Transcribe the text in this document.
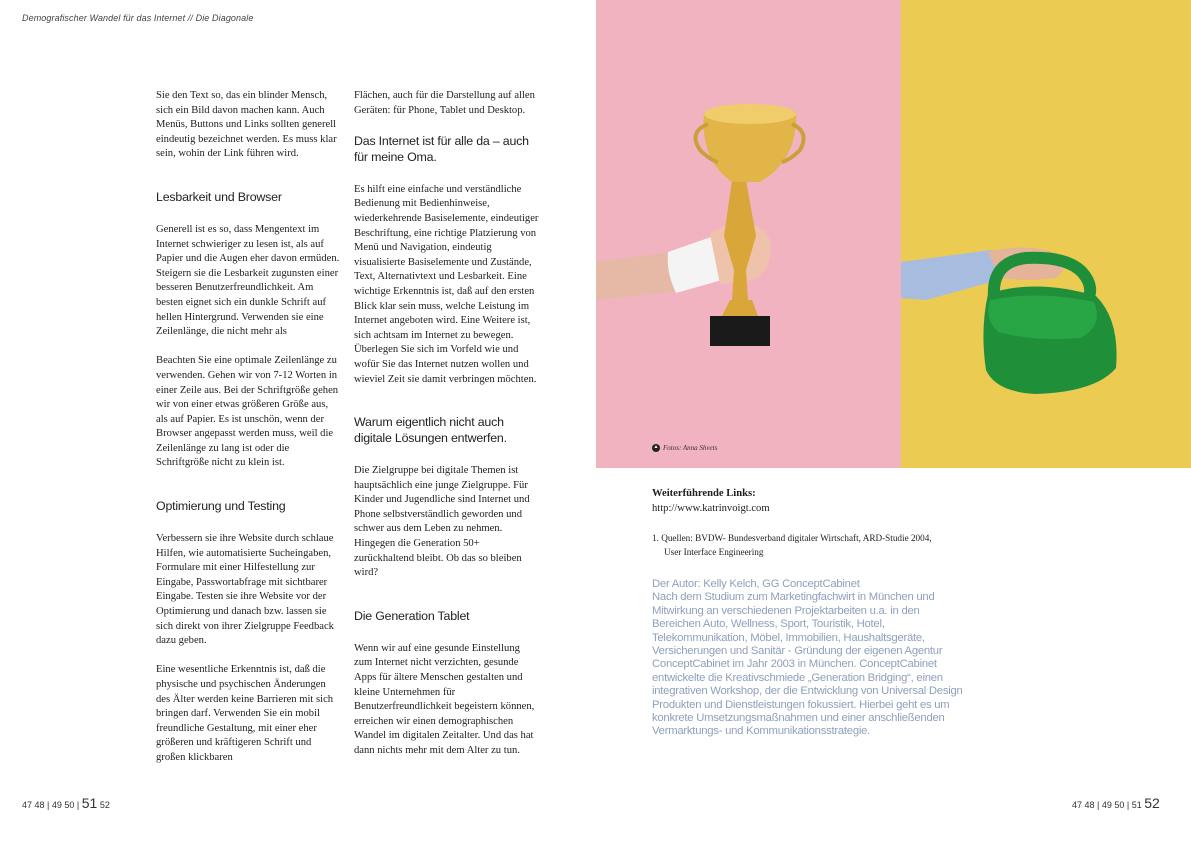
Demografischer Wandel für das Internet // Die Diagonale

Sie den Text so, das ein blinder Mensch, sich ein Bild davon machen kann. Auch Menüs, Buttons und Links sollten generell eindeutig bezeichnet werden. Es muss klar sein, wohin der Link führen wird.

Lesbarkeit und Browser

Generell ist es so, dass Mengentext im Internet schwieriger zu lesen ist, als auf Papier und die Augen eher davon ermüden. Steigern sie die Lesbarkeit zugunsten einer besseren Benutzerfreundlichkeit. Am besten eignet sich ein dunkle Schrift auf hellen Hintergrund. Verwenden sie eine Zeilenlänge, die nicht mehr als

Beachten Sie eine optimale Zeilenlänge zu verwenden. Gehen wir von 7-12 Worten in einer Zeile aus. Bei der Schriftgröße gehen wir von einer etwas größeren Größe aus, als auf Papier. Es ist unschön, wenn der Browser angepasst werden muss, weil die Zeilenlänge zu lang ist oder die Schriftgröße nicht zu klein ist.

Optimierung und Testing

Verbessern sie ihre Website durch schlaue Hilfen, wie automatisierte Sucheingaben, Formulare mit einer Hilfestellung zur Eingabe, Passwortabfrage mit sichtbarer Eingabe. Testen sie ihre Website vor der Optimierung und danach bzw. lassen sie sich direkt von ihrer Zielgruppe Feedback dazu geben.

Eine wesentliche Erkenntnis ist, daß die physische und psychischen Änderungen des Älter werden keine Barrieren mit sich bringen darf. Verwenden Sie ein mobil freundliche Gestaltung, mit einer eher größeren und kräftigeren Schrift und großen klickbaren

Flächen, auch für die Darstellung auf allen Geräten: für Phone, Tablet und Desktop.

Das Internet ist für alle da – auch für meine Oma.

Es hilft eine einfache und verständliche Bedienung mit Bedienhinweise, wiederkehrende Basiselemente, eindeutiger Beschriftung, eine richtige Platzierung von Menü und Navigation, eindeutig visualisierte Basiselemente und Zustände, Text, Alternativtext und Lesbarkeit. Eine wichtige Erkenntnis ist, daß auf den ersten Blick klar sein muss, welche Leistung im Internet angeboten wird. Eine Weitere ist, sich achtsam im Internet zu bewegen. Überlegen Sie sich im Vorfeld wie und wofür Sie das Internet nutzen wollen und wieviel Zeit sie damit verbringen möchten.

Warum eigentlich nicht auch digitale Lösungen entwerfen.

Die Zielgruppe bei digitale Themen ist hauptsächlich eine junge Zielgruppe. Für Kinder und Jugendliche sind Internet und Phone selbstverständlich geworden und schwer aus dem Leben zu nehmen. Hingegen die Generation 50+ zurückhaltend bleibt. Ob das so bleiben wird?

Die Generation Tablet

Wenn wir auf eine gesunde Einstellung zum Internet nicht verzichten, gesunde Apps für ältere Menschen gestalten und kleine Unternehmen für Benutzerfreundlichkeit begeistern können, erreichen wir einen demographischen Wandel im digitalen Zeitalter. Und das hat dann nichts mehr mit dem Alter zu tun.

▲ Fotos: Anna Shvets
Weiterführende Links:
http://www.katrinvoigt.com
1. Quellen: BVDW- Bundesverband digitaler Wirtschaft, ARD-Studie 2004,
User Interface Engineering

Der Autor: Kelly Kelch, GG ConceptCabinet

Nach dem Studium zum Marketingfachwirt in München und Mitwirkung an verschiedenen Projektarbeiten u.a. in den Bereichen Auto, Wellness, Sport, Touristik, Hotel, Telekommunikation, Möbel, Immobilien, Haushaltsgeräte, Versicherungen und Sanitär - Gründung der eigenen Agentur ConceptCabinet im Jahr 2003 in München. ConceptCabinet entwickelte die Kreativschmiede „Generation Bridging“, einen integrativen Workshop, der die Entwicklung von Universal Design Produkten und Dienstleistungen fokussiert. Hierbei geht es um konkrete Umsetzungsmaßnahmen und einer anschließenden Vermarktungs- und Kommunikationsstrategie.

47 48 | 49 50 | 51 52	47 48 | 49 50 | 51 52
